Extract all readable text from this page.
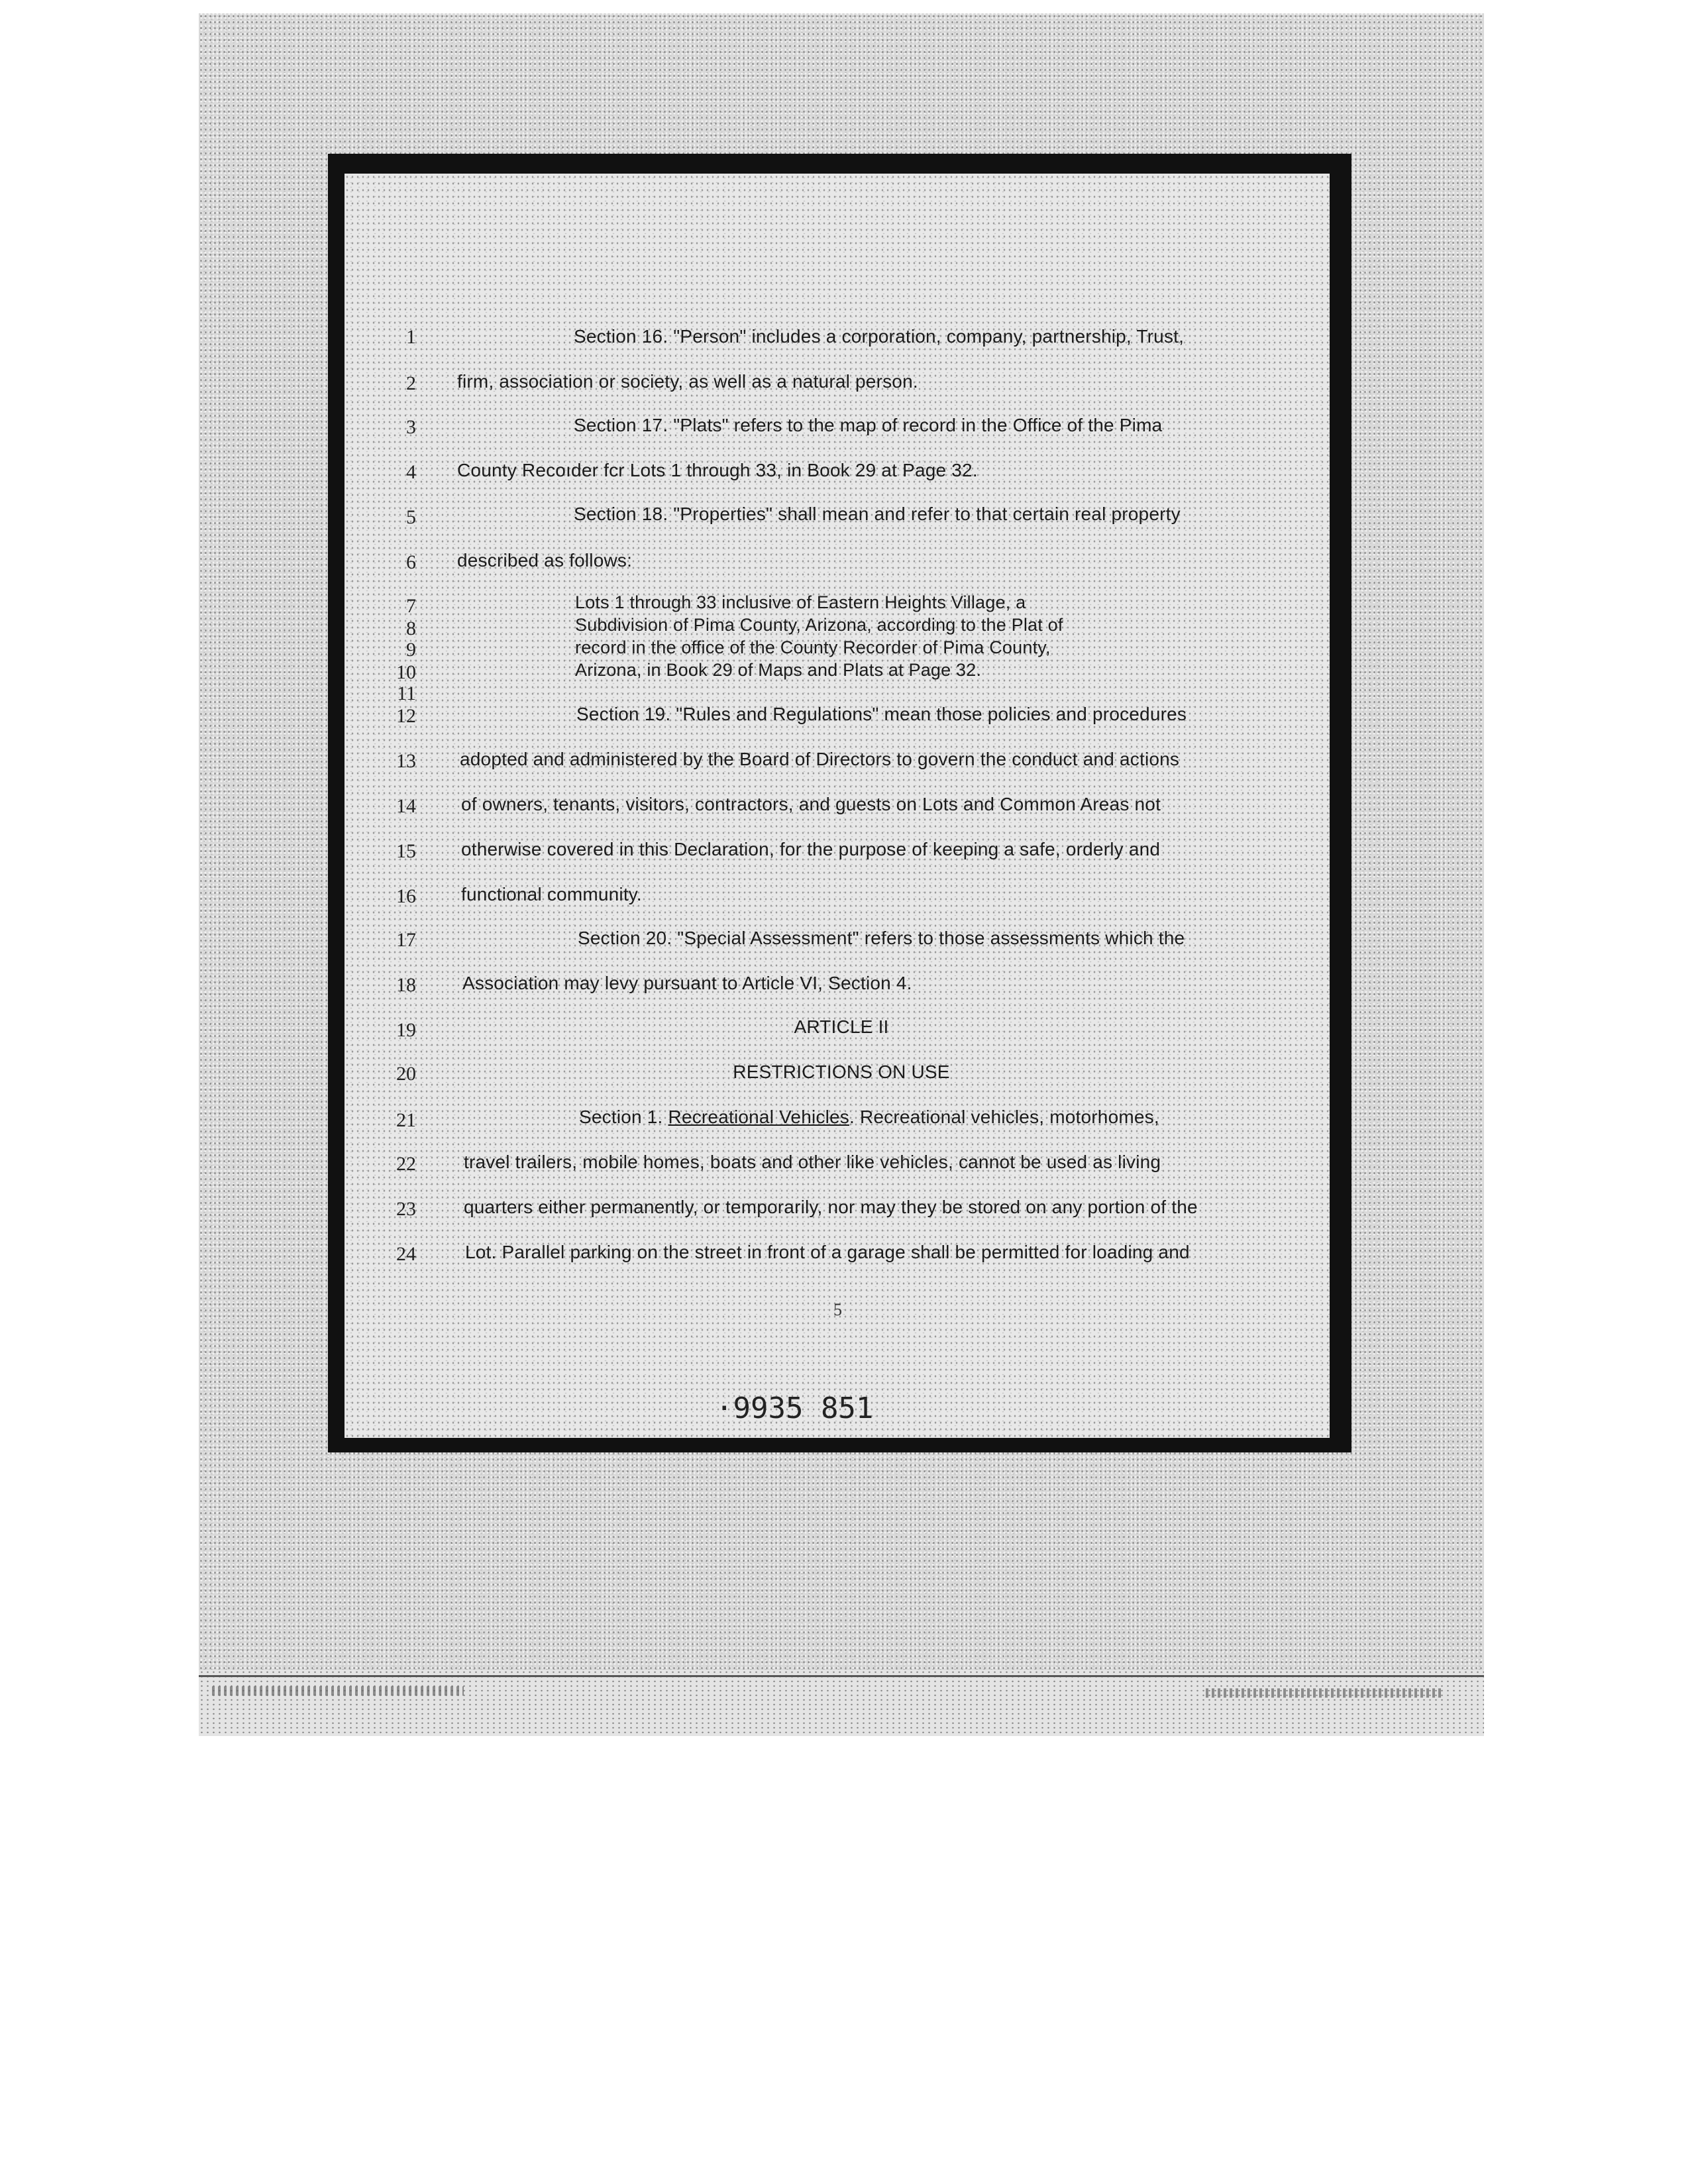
1
2
3
4
5
6
7
8
9
10
11
12
13
14
15
16
17
18
19
20
21
22
23
24
Section 16. "Person" includes a corporation, company, partnership, Trust,
firm, association or society, as well as a natural person.
Section 17. "Plats" refers to the map of record in the Office of the Pima
County Recoıder fcr Lots 1 through 33, in Book 29 at Page 32.
Section 18. "Properties" shall mean and refer to that certain real property
described as follows:
Lots 1 through 33 inclusive of Eastern Heights Village, a
Subdivision of Pima County, Arizona, according to the Plat of
record in the office of the County Recorder of Pima County,
Arizona, in Book 29 of Maps and Plats at Page 32.
Section 19. "Rules and Regulations" mean those policies and procedures
adopted and administered by the Board of Directors to govern the conduct and actions
of owners, tenants, visitors, contractors, and guests on Lots and Common Areas not
otherwise covered in this Declaration, for the purpose of keeping a safe, orderly and
functional community.
Section 20. "Special Assessment" refers to those assessments which the
Association may levy pursuant to Article VI, Section 4.
ARTICLE II
RESTRICTIONS ON USE
Section 1. Recreational Vehicles. Recreational vehicles, motorhomes,
travel trailers, mobile homes, boats and other like vehicles, cannot be used as living
quarters either permanently, or temporarily, nor may they be stored on any portion of the
Lot. Parallel parking on the street in front of a garage shall be permitted for loading and
5
·9935 851
